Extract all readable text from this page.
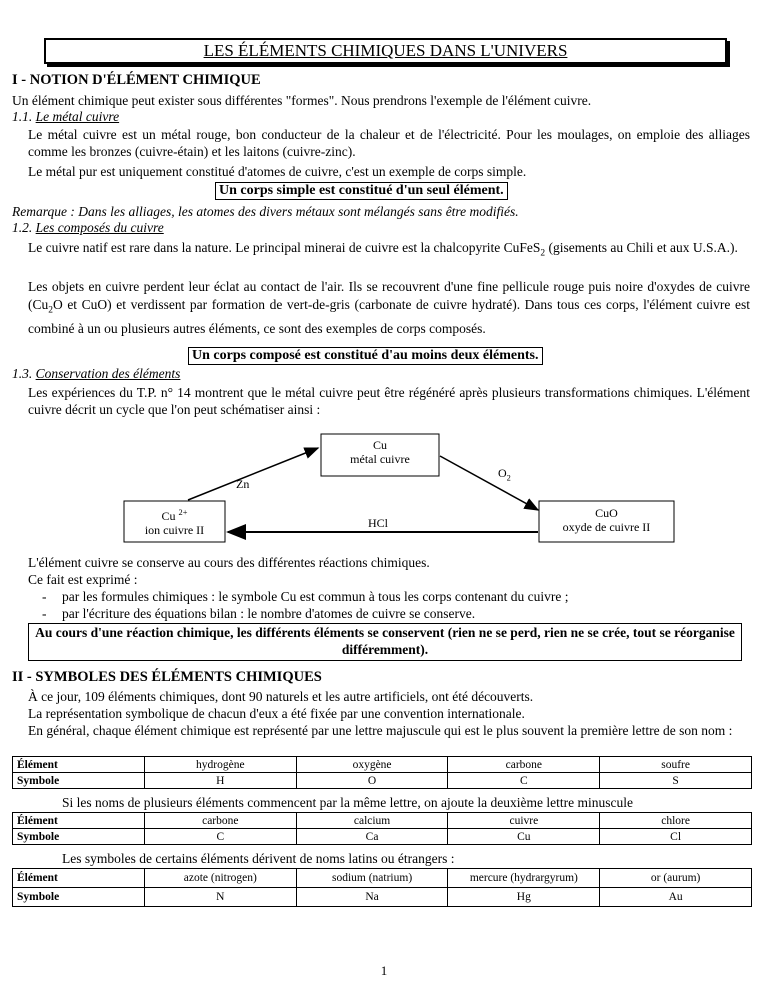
LES ÉLÉMENTS CHIMIQUES DANS L'UNIVERS
I - NOTION D'ÉLÉMENT CHIMIQUE
Un élément chimique peut exister sous différentes "formes". Nous prendrons l'exemple de l'élément cuivre.
1.1. Le métal cuivre
Le métal cuivre est un métal rouge, bon conducteur de la chaleur et de l'électricité. Pour les moulages, on emploie des alliages comme les bronzes (cuivre-étain) et les laitons (cuivre-zinc).
Le métal pur est uniquement constitué d'atomes de cuivre, c'est un exemple de corps simple.
Un corps simple est constitué d'un seul élément.
Remarque : Dans les alliages, les atomes des divers métaux sont mélangés sans être modifiés.
1.2. Les composés du cuivre
Le cuivre natif est rare dans la nature. Le principal minerai de cuivre est la chalcopyrite CuFeS$_2$ (gisements au Chili et aux U.S.A.).
Les objets en cuivre perdent leur éclat au contact de l'air. Ils se recouvrent d'une fine pellicule rouge puis noire d'oxydes de cuivre ($Cu_2O$ et CuO) et verdissent par formation de vert-de-gris (carbonate de cuivre hydraté). Dans tous ces corps, l'élément cuivre est combiné à un ou plusieurs autres éléments, ce sont des exemples de corps composés.
Un corps composé est constitué d'au moins deux éléments.
1.3. Conservation des éléments
Les expériences du T.P. n° 14 montrent que le métal cuivre peut être régénéré après plusieurs transformations chimiques. L'élément cuivre décrit un cycle que l'on peut schématiser ainsi :
Cu
métal cuivre
Cu $^{2+}$
ion cuivre II
CuO
oxyde de cuivre II
Zn
$O_2$
HCl
L'élément cuivre se conserve au cours des différentes réactions chimiques.
Ce fait est exprimé :
- par les formules chimiques : le symbole Cu est commun à tous les corps contenant du cuivre ;
- par l'écriture des équations bilan : le nombre d'atomes de cuivre se conserve.
Au cours d'une réaction chimique, les différents éléments se conservent (rien ne se perd, rien ne se crée, tout se réorganise différemment).
II - SYMBOLES DES ÉLÉMENTS CHIMIQUES
À ce jour, 109 éléments chimiques, dont 90 naturels et les autre artificiels, ont été découverts.
La représentation symbolique de chacun d'eux a été fixée par une convention internationale.
En général, chaque élément chimique est représenté par une lettre majuscule qui est le plus souvent la première lettre de son nom :
Élément	hydrogène	oxygène	carbone	soufre
Symbole	H	O	C	S
Si les noms de plusieurs éléments commencent par la même lettre, on ajoute la deuxième lettre minuscule
Élément	carbone	calcium	cuivre	chlore
Symbole	C	Ca	Cu	Cl
Les symboles de certains éléments dérivent de noms latins ou étrangers :
Élément	azote (nitrogen)	sodium (natrium)	mercure (hydrargyrum)	or (aurum)
Symbole	N	Na	Hg	Au
1
